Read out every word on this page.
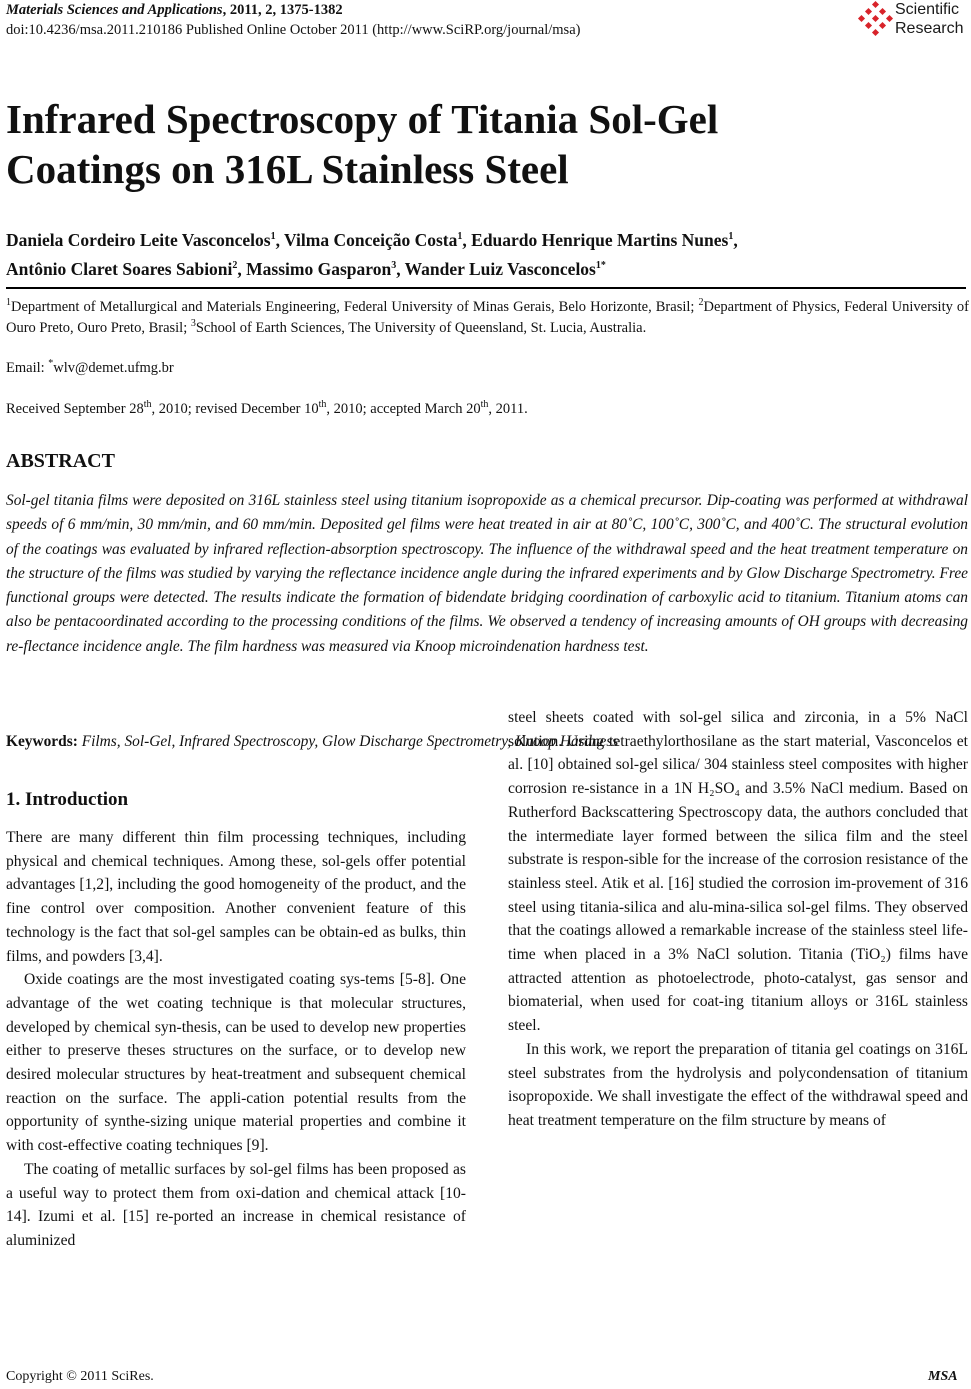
Materials Sciences and Applications, 2011, 2, 1375-1382
doi:10.4236/msa.2011.210186 Published Online October 2011 (http://www.SciRP.org/journal/msa)
Scientific
Research
Infrared Spectroscopy of Titania Sol-Gel
Coatings on 316L Stainless Steel
Daniela Cordeiro Leite Vasconcelos$^1$, Vilma Conceição Costa$^1$, Eduardo Henrique Martins Nunes$^1$,
Antônio Claret Soares Sabioni$^2$, Massimo Gasparon$^3$, Wander Luiz Vasconcelos$^{1*}$
$^1$Department of Metallurgical and Materials Engineering, Federal University of Minas Gerais, Belo Horizonte, Brasil; $^2$Department of Physics, Federal University of Ouro Preto, Ouro Preto, Brasil; $^3$School of Earth Sciences, The University of Queensland, St. Lucia, Australia.
Email: *wlv@demet.ufmg.br
Received September 28th, 2010; revised December 10th, 2010; accepted March 20th, 2011.
ABSTRACT
Sol-gel titania films were deposited on 316L stainless steel using titanium isopropoxide as a chemical precursor. Dip-coating was performed at withdrawal speeds of 6 mm/min, 30 mm/min, and 60 mm/min. Deposited gel films were heat treated in air at 80˚C, 100˚C, 300˚C, and 400˚C. The structural evolution of the coatings was evaluated by infrared reflection-absorption spectroscopy. The influence of the withdrawal speed and the heat treatment temperature on the structure of the films was studied by varying the reflectance incidence angle during the infrared experiments and by Glow Discharge Spectrometry. Free functional groups were detected. The results indicate the formation of bidendate bridging coordination of carboxylic acid to titanium. Titanium atoms can also be pentacoordinated according to the processing conditions of the films. We observed a tendency of increasing amounts of OH groups with decreasing re-flectance incidence angle. The film hardness was measured via Knoop microindenation hardness test.
Keywords: Films, Sol-Gel, Infrared Spectroscopy, Glow Discharge Spectrometry, Knoop Hardness
1. Introduction

There are many different thin film processing techniques, including physical and chemical techniques. Among these, sol-gels offer potential advantages [1,2], including the good homogeneity of the product, and the fine control over composition. Another convenient feature of this technology is the fact that sol-gel samples can be obtain-ed as bulks, thin films, and powders [3,4].

Oxide coatings are the most investigated coating sys-tems [5-8]. One advantage of the wet coating technique is that molecular structures, developed by chemical syn-thesis, can be used to develop new properties either to preserve theses structures on the surface, or to develop new desired molecular structures by heat-treatment and subsequent chemical reaction on the surface. The appli-cation potential results from the opportunity of synthe-sizing unique material properties and combine it with cost-effective coating techniques [9].

The coating of metallic surfaces by sol-gel films has been proposed as a useful way to protect them from oxi-dation and chemical attack [10-14]. Izumi et al. [15] re-ported an increase in chemical resistance of aluminized

steel sheets coated with sol-gel silica and zirconia, in a 5% NaCl solution. Using tetraethylorthosilane as the start material, Vasconcelos et al. [10] obtained sol-gel silica/ 304 stainless steel composites with higher corrosion re-sistance in a 1N H₂SO₄ and 3.5% NaCl medium. Based on Rutherford Backscattering Spectroscopy data, the authors concluded that the intermediate layer formed between the silica film and the steel substrate is respon-sible for the increase of the corrosion resistance of the stainless steel. Atik et al. [16] studied the corrosion im-provement of 316 steel using titania-silica and alu-mina-silica sol-gel films. They observed that the coatings allowed a remarkable increase of the stainless steel life-time when placed in a 3% NaCl solution. Titania (TiO₂) films have attracted attention as photoelectrode, photo-catalyst, gas sensor and biomaterial, when used for coat-ing titanium alloys or 316L stainless steel.

In this work, we report the preparation of titania gel coatings on 316L steel substrates from the hydrolysis and polycondensation of titanium isopropoxide. We shall investigate the effect of the withdrawal speed and heat treatment temperature on the film structure by means of

Copyright © 2011 SciRes.	MSA
